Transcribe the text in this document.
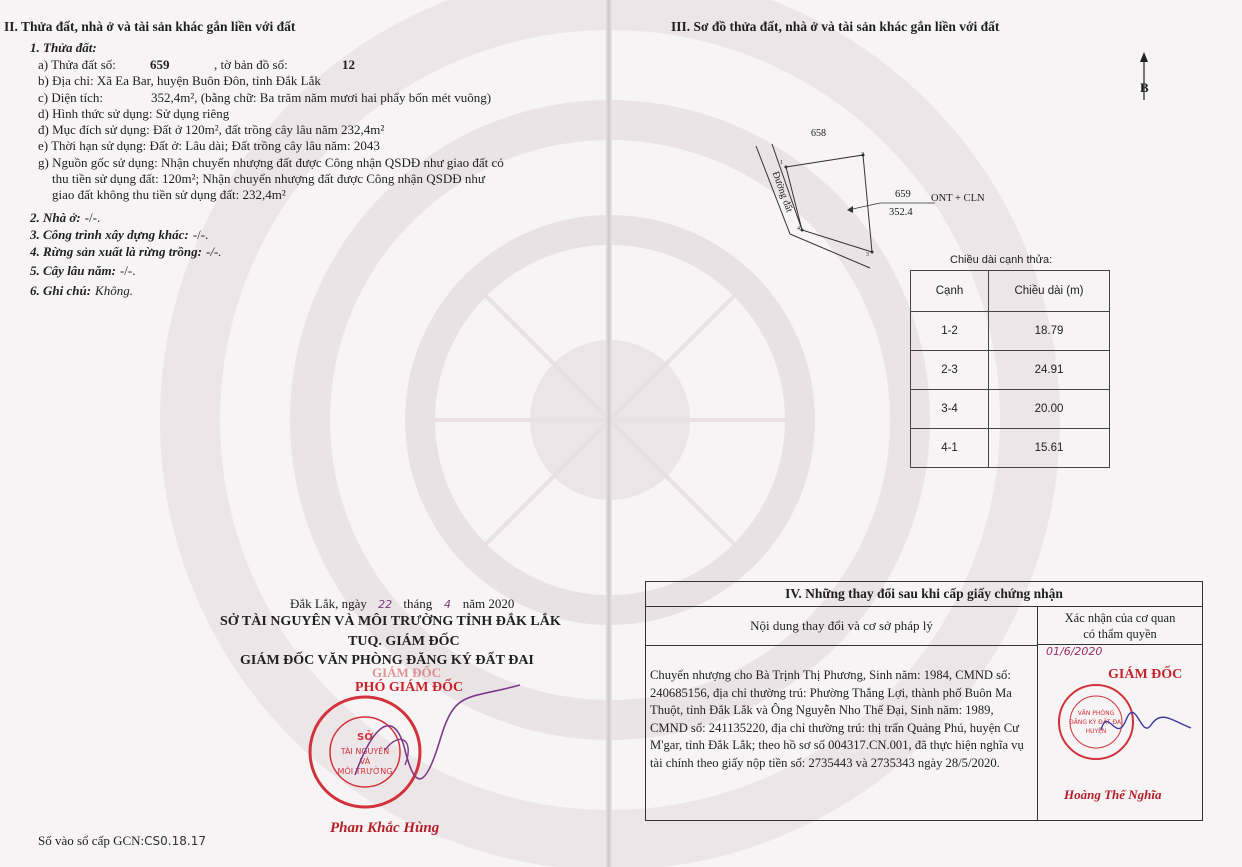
II. Thửa đất, nhà ở và tài sản khác gắn liền với đất
1. Thửa đất:
a) Thửa đất số:	659	, tờ bản đồ số:	12
b) Địa chỉ: Xã Ea Bar, huyện Buôn Đôn, tỉnh Đắk Lắk
c) Diện tích:	352,4m², (bằng chữ: Ba trăm năm mươi hai phẩy bốn mét vuông)
d) Hình thức sử dụng: Sử dụng riêng
đ) Mục đích sử dụng: Đất ở 120m², đất trồng cây lâu năm 232,4m²
e) Thời hạn sử dụng: Đất ở: Lâu dài; Đất trồng cây lâu năm: 2043
g) Nguồn gốc sử dụng: Nhận chuyển nhượng đất được Công nhận QSDĐ như giao đất có
thu tiền sử dụng đất: 120m²; Nhận chuyển nhượng đất được Công nhận QSDĐ như
giao đất không thu tiền sử dụng đất: 232,4m²
2. Nhà ở: -/-.
3. Công trình xây dựng khác: -/-.
4. Rừng sản xuất là rừng trồng: -/-.
5. Cây lâu năm: -/-.
6. Ghi chú: Không.
Đắk Lắk, ngày 22 tháng 4 năm 2020
SỞ TÀI NGUYÊN VÀ MÔI TRƯỜNG TỈNH ĐẮK LẮK
TUQ. GIÁM ĐỐC
GIÁM ĐỐC VĂN PHÒNG ĐĂNG KÝ ĐẤT ĐAI
GIÁM ĐỐC
PHÓ GIÁM ĐỐC
SỞ
TÀI NGUYÊN
VÀ
MÔI TRƯỜNG
Phan Khắc Hùng
Số vào sổ cấp GCN:CS0.18.17
III. Sơ đồ thửa đất, nhà ở và tài sản khác gắn liền với đất
B
658
Đường đất	659
352.4
ONT + CLN
1
2
3
4
Chiều dài cạnh thửa:
Cạnh	Chiều dài (m)
1-2	18.79
2-3	24.91
3-4	20.00
4-1	15.61
IV. Những thay đổi sau khi cấp giấy chứng nhận
Nội dung thay đổi và cơ sở pháp lý	Xác nhận của cơ quan
có thẩm quyền
Chuyển nhượng cho Bà Trịnh Thị Phương, Sinh năm: 1984, CMND số: 240685156, địa chỉ thường trú: Phường Thắng Lợi, thành phố Buôn Ma Thuột, tỉnh Đắk Lắk và Ông Nguyễn Nho Thế Đại, Sinh năm: 1989, CMND số: 241135220, địa chỉ thường trú: thị trấn Quảng Phú, huyện Cư M'gar, tỉnh Đắk Lắk; theo hồ sơ số 004317.CN.001, đã thực hiện nghĩa vụ tài chính theo giấy nộp tiền số: 2735443 và 2735343 ngày 28/5/2020.
01/6/2020
GIÁM ĐỐC
VĂN PHÒNG
ĐĂNG KÝ ĐẤT ĐAI
HUYỆN
Hoàng Thế Nghĩa
